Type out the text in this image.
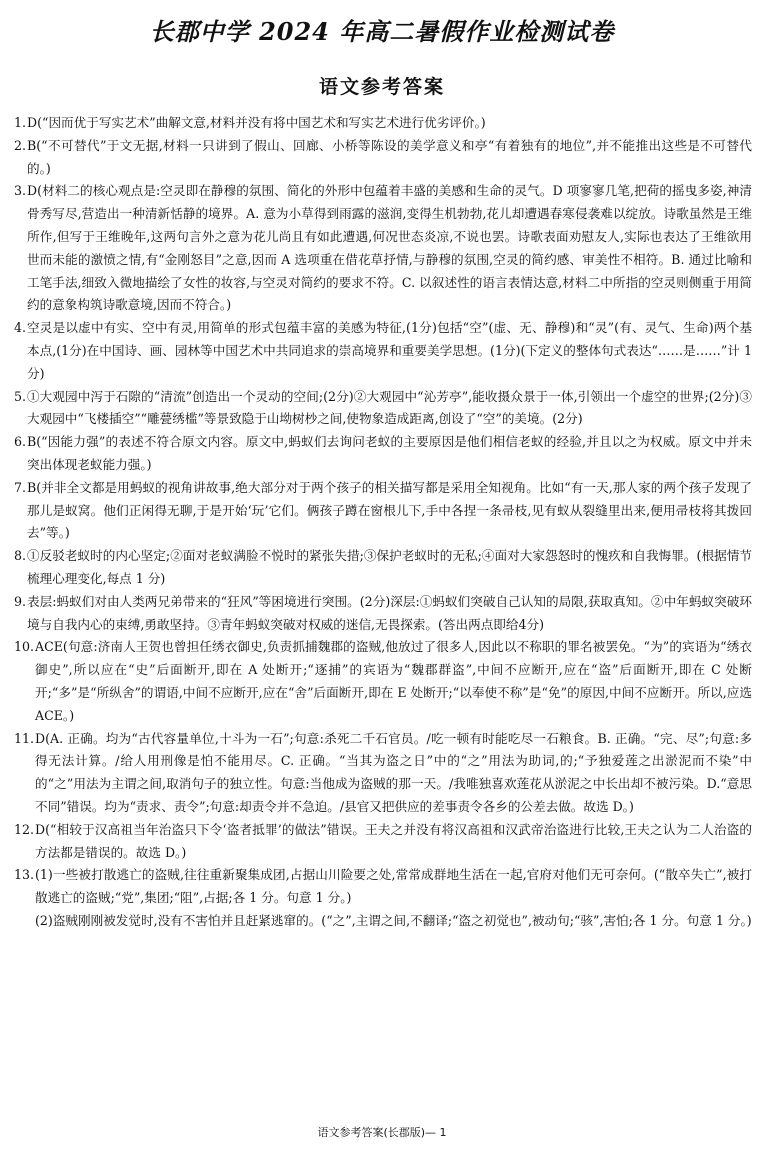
长郡中学 2024 年高二暑假作业检测试卷
语文参考答案
1. D(“因而优于写实艺术”曲解文意,材料并没有将中国艺术和写实艺术进行优劣评价。)

2. B(“不可替代”于文无据,材料一只讲到了假山、回廊、小桥等陈设的美学意义和亭“有着独有的地位”,并不能推出这些是不可替代的。)

3. D(材料二的核心观点是:空灵即在静穆的氛围、简化的外形中包蕴着丰盛的美感和生命的灵气。D 项寥寥几笔,把荷的摇曳多姿,神清骨秀写尽,营造出一种清新恬静的境界。A. 意为小草得到雨露的滋润,变得生机勃勃,花儿却遭遇春寒侵袭难以绽放。诗歌虽然是王维所作,但写于王维晚年,这两句言外之意为花儿尚且有如此遭遇,何况世态炎凉,不说也罢。诗歌表面劝慰友人,实际也表达了王维欲用世而未能的激愤之情,有“金刚怒目”之意,因而 A 选项重在借花草抒情,与静穆的氛围,空灵的简约感、审美性不相符。B. 通过比喻和工笔手法,细致入微地描绘了女性的妆容,与空灵对简约的要求不符。C. 以叙述性的语言表情达意,材料二中所指的空灵则侧重于用简约的意象构筑诗歌意境,因而不符合。)

4. 空灵是以虚中有实、空中有灵,用简单的形式包蕴丰富的美感为特征,(1分)包括“空”(虚、无、静穆)和“灵”(有、灵气、生命)两个基本点,(1分)在中国诗、画、园林等中国艺术中共同追求的崇高境界和重要美学思想。(1分)(下定义的整体句式表达“……是……”计 1 分)

5. ①大观园中泻于石隙的“清流”创造出一个灵动的空间;(2分)②大观园中“沁芳亭”,能收摄众景于一体,引领出一个虚空的世界;(2分)③大观园中“飞楼插空”“雕甍绣槛”等景致隐于山坳树杪之间,使物象造成距离,创设了“空”的美境。(2分)

6. B(“因能力强”的表述不符合原文内容。原文中,蚂蚁们去询问老蚁的主要原因是他们相信老蚁的经验,并且以之为权威。原文中并未突出体现老蚁能力强。)

7. B(并非全文都是用蚂蚁的视角讲故事,绝大部分对于两个孩子的相关描写都是采用全知视角。比如“有一天,那人家的两个孩子发现了那儿是蚁窝。他们正闲得无聊,于是开始‘玩’它们。俩孩子蹲在窗根儿下,手中各捏一条帚枝,见有蚁从裂缝里出来,便用帚枝将其拨回去”等。)

8. ①反驳老蚁时的内心坚定;②面对老蚁满脸不悦时的紧张失措;③保护老蚁时的无私;④面对大家怨怒时的愧疚和自我悔罪。(根据情节梳理心理变化,每点 1 分)

9. 表层:蚂蚁们对由人类两兄弟带来的“狂风”等困境进行突围。(2分)深层:①蚂蚁们突破自己认知的局限,获取真知。②中年蚂蚁突破环境与自我内心的束缚,勇敢坚持。③青年蚂蚁突破对权威的迷信,无畏探索。(答出两点即给4分)

10. ACE(句意:济南人王贺也曾担任绣衣御史,负责抓捕魏郡的盗贼,他放过了很多人,因此以不称职的罪名被罢免。“为”的宾语为“绣衣御史”,所以应在“史”后面断开,即在 A 处断开;“逐捕”的宾语为“魏郡群盗”,中间不应断开,应在“盗”后面断开,即在 C 处断开;“多”是“所纵舍”的谓语,中间不应断开,应在“舍”后面断开,即在 E 处断开;“以奉使不称”是“免”的原因,中间不应断开。所以,应选 ACE。)

11. D(A. 正确。均为“古代容量单位,十斗为一石”;句意:杀死二千石官员。/吃一顿有时能吃尽一石粮食。B. 正确。“完、尽”;句意:多得无法计算。/给人用刑像是怕不能用尽。C. 正确。“当其为盗之日”中的“之”用法为助词,的;“予独爱莲之出淤泥而不染”中的“之”用法为主谓之间,取消句子的独立性。句意:当他成为盗贼的那一天。/我唯独喜欢莲花从淤泥之中长出却不被污染。D.“意思不同”错误。均为“责求、责令”;句意:却责令并不急迫。/县官又把供应的差事责令各乡的公差去做。故选 D。)

12. D(“相较于汉高祖当年治盗只下令‘盗者抵罪’的做法”错误。王夫之并没有将汉高祖和汉武帝治盗进行比较,王夫之认为二人治盗的方法都是错误的。故选 D。)

13. (1)一些被打散逃亡的盗贼,往往重新聚集成团,占据山川险要之处,常常成群地生活在一起,官府对他们无可奈何。(“散卒失亡”,被打散逃亡的盗贼;“党”,集团;“阻”,占据;各 1 分。句意 1 分。)

(2)盗贼刚刚被发觉时,没有不害怕并且赶紧逃窜的。(“之”,主谓之间,不翻译;“盗之初觉也”,被动句;“骇”,害怕;各 1 分。句意 1 分。)

语文参考答案(长郡版)— 1
